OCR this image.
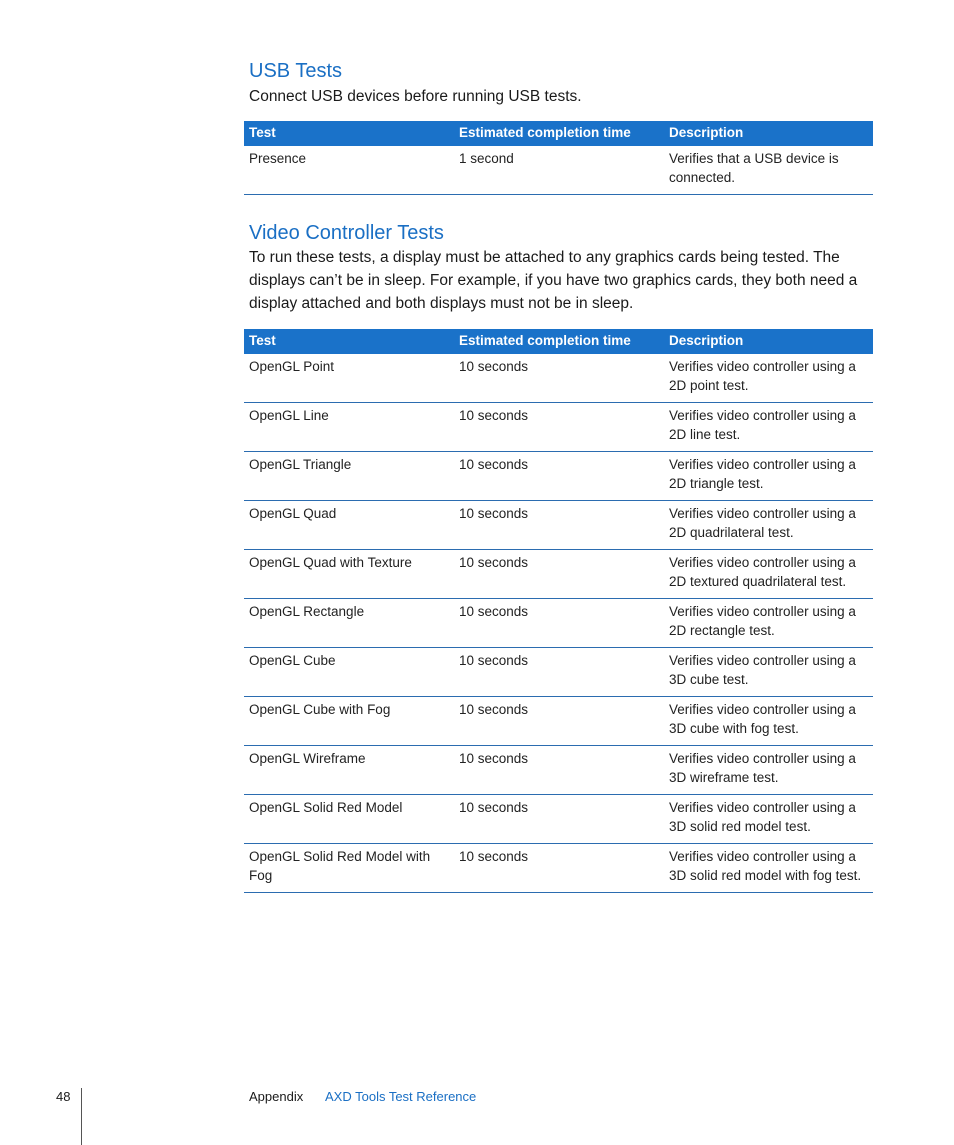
USB Tests

Connect USB devices before running USB tests.

Test	Estimated completion time	Description
Presence	1 second	Verifies that a USB device is connected.
Video Controller Tests

To run these tests, a display must be attached to any graphics cards being tested. The displays can’t be in sleep. For example, if you have two graphics cards, they both need a display attached and both displays must not be in sleep.

Test	Estimated completion time	Description
OpenGL Point	10 seconds	Verifies video controller using a 2D point test.
OpenGL Line	10 seconds	Verifies video controller using a 2D line test.
OpenGL Triangle	10 seconds	Verifies video controller using a 2D triangle test.
OpenGL Quad	10 seconds	Verifies video controller using a 2D quadrilateral test.
OpenGL Quad with Texture	10 seconds	Verifies video controller using a 2D textured quadrilateral test.
OpenGL Rectangle	10 seconds	Verifies video controller using a 2D rectangle test.
OpenGL Cube	10 seconds	Verifies video controller using a 3D cube test.
OpenGL Cube with Fog	10 seconds	Verifies video controller using a 3D cube with fog test.
OpenGL Wireframe	10 seconds	Verifies video controller using a 3D wireframe test.
OpenGL Solid Red Model	10 seconds	Verifies video controller using a 3D solid red model test.
OpenGL Solid Red Model with Fog	10 seconds	Verifies video controller using a 3D solid red model with fog test.
48	Appendix AXD Tools Test Reference
